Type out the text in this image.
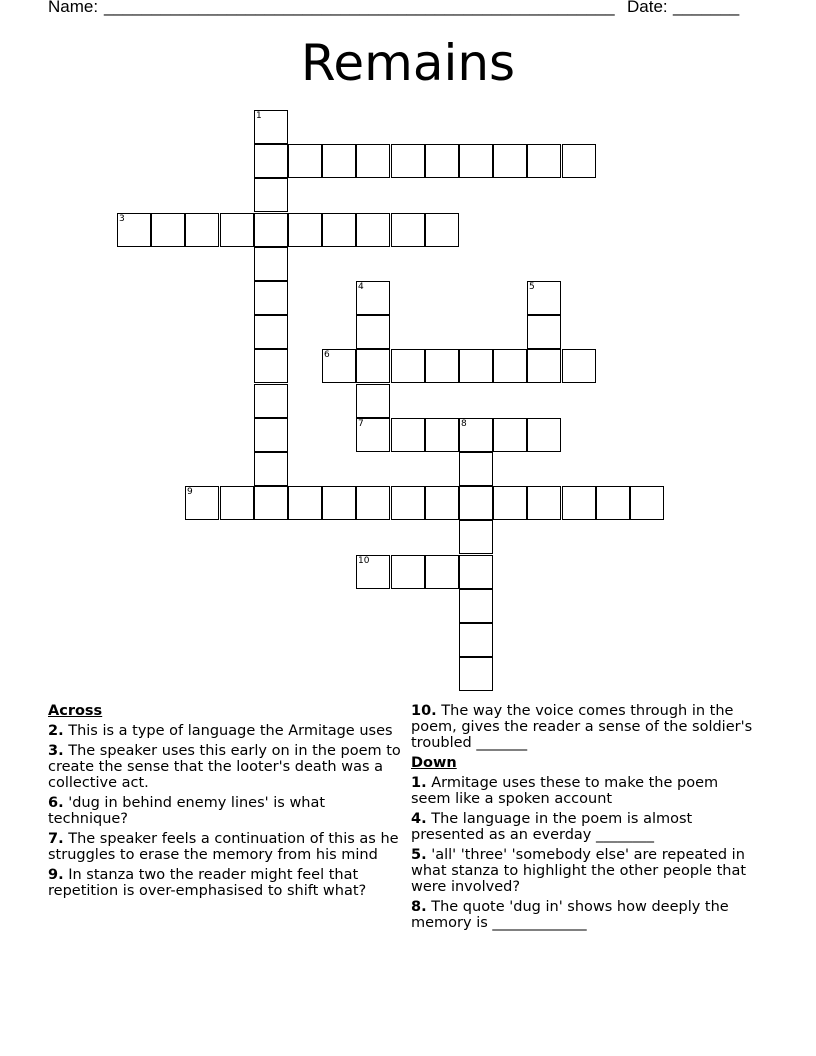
Name: ______________________________________________________ Date: _______
Remains
3
6
7	8
9
10
1
4	5
Across
2. This is a type of language the Armitage uses
3. The speaker uses this early on in the poem to create the sense that the looter's death was a collective act.
6. 'dug in behind enemy lines' is what technique?
7. The speaker feels a continuation of this as he struggles to erase the memory from his mind
9. In stanza two the reader might feel that repetition is over-emphasised to shift what?
10. The way the voice comes through in the poem, gives the reader a sense of the soldier's troubled _______
Down
1. Armitage uses these to make the poem seem like a spoken account
4. The language in the poem is almost presented as an everday ________
5. 'all' 'three' 'somebody else' are repeated in what stanza to highlight the other people that were involved?
8. The quote 'dug in' shows how deeply the memory is _____________
